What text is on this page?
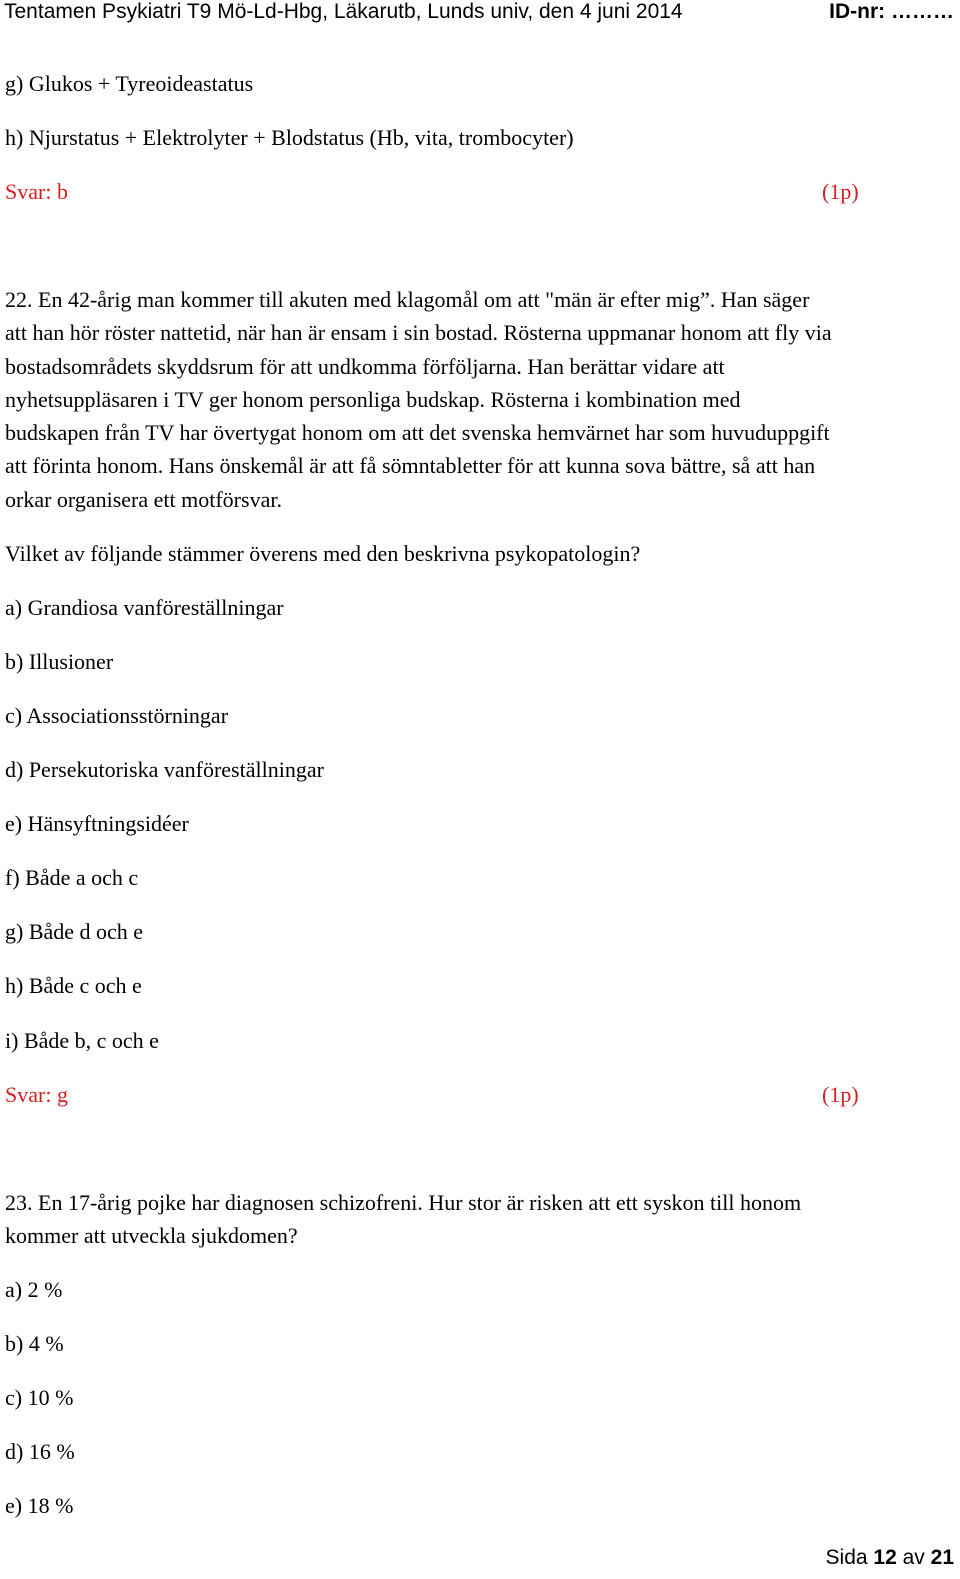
Tentamen Psykiatri T9 Mö-Ld-Hbg, Läkarutb, Lunds univ, den 4 juni 2014	ID-nr: ………
g) Glukos + Tyreoideastatus
h) Njurstatus + Elektrolyter + Blodstatus (Hb, vita, trombocyter)
Svar: b	(1p)
22. En 42-årig man kommer till akuten med klagomål om att "män är efter mig”. Han säger
att han hör röster nattetid, när han är ensam i sin bostad. Rösterna uppmanar honom att fly via
bostadsområdets skyddsrum för att undkomma förföljarna. Han berättar vidare att
nyhetsuppläsaren i TV ger honom personliga budskap. Rösterna i kombination med
budskapen från TV har övertygat honom om att det svenska hemvärnet har som huvuduppgift
att förinta honom. Hans önskemål är att få sömntabletter för att kunna sova bättre, så att han
orkar organisera ett motförsvar.
Vilket av följande stämmer överens med den beskrivna psykopatologin?
a) Grandiosa vanföreställningar
b) Illusioner
c) Associationsstörningar
d) Persekutoriska vanföreställningar
e) Hänsyftningsidéer
f) Både a och c
g) Både d och e
h) Både c och e
i) Både b, c och e
Svar: g	(1p)
23. En 17-årig pojke har diagnosen schizofreni. Hur stor är risken att ett syskon till honom
kommer att utveckla sjukdomen?
a) 2 %
b) 4 %
c) 10 %
d) 16 %
e) 18 %
Sida 12 av 21
